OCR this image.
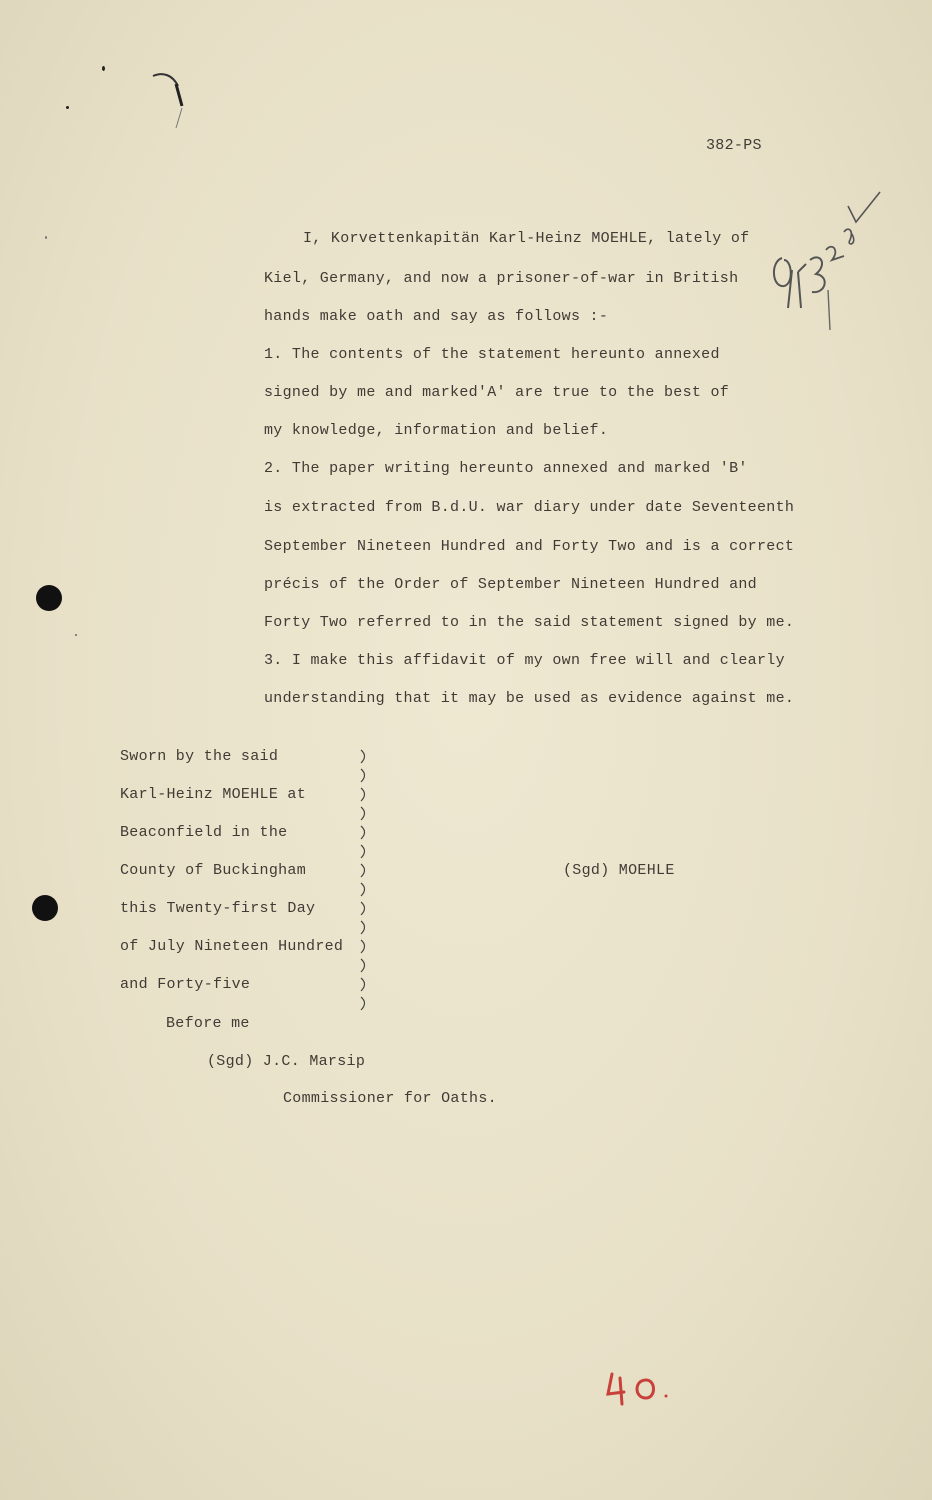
382-PS
I, Korvettenkapitän Karl-Heinz MOEHLE, lately of
Kiel, Germany, and now a prisoner-of-war in British
hands make oath and say as follows :-
1. The contents of the statement hereunto annexed
signed by me and marked'A' are true to the best of
my knowledge, information and belief.
2. The paper writing hereunto annexed and marked 'B'
is extracted from B.d.U. war diary under date Seventeenth
September Nineteen Hundred and Forty Two and is a correct
précis of the Order of September Nineteen Hundred and
Forty Two referred to in the said statement signed by me.
3. I make this affidavit of my own free will and clearly
understanding that it may be used as evidence against me.
Sworn by the said
Karl-Heinz MOEHLE at
Beaconfield in the
County of Buckingham
this Twenty-first Day
of July Nineteen Hundred
and Forty-five
(Sgd) MOEHLE
Before me
(Sgd) J.C. Marsip
Commissioner for Oaths.
